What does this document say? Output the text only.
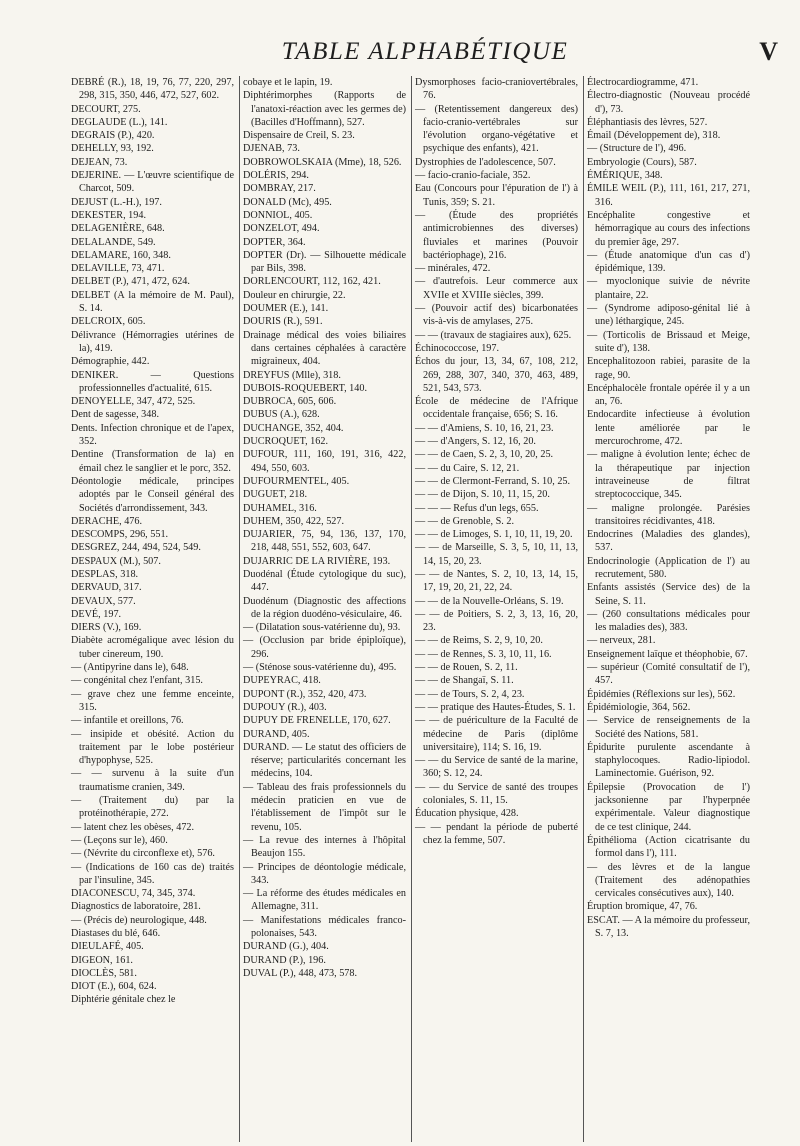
TABLE ALPHABÉTIQUE	V

DEBRÉ (R.), 18, 19, 76, 77, 220, 297, 298, 315, 350, 446, 472, 527, 602.

DECOURT, 275.

DEGLAUDE (L.), 141.

DEGRAIS (P.), 420.

DEHELLY, 93, 192.

DEJEAN, 73.

DEJERINE. — L'œuvre scientifique de Charcot, 509.

DEJUST (L.-H.), 197.

DEKESTER, 194.

DELAGENIÈRE, 648.

DELALANDE, 549.

DELAMARE, 160, 348.

DELAVILLE, 73, 471.

DELBET (P.), 471, 472, 624.

DELBET (A la mémoire de M. Paul), S. 14.

DELCROIX, 605.

Délivrance (Hémorragies utérines de la), 419.

Démographie, 442.

DENIKER. — Questions professionnelles d'actualité, 615.

DENOYELLE, 347, 472, 525.

Dent de sagesse, 348.

Dents. Infection chronique et de l'apex, 352.

Dentine (Transformation de la) en émail chez le sanglier et le porc, 352.

Déontologie médicale, principes adoptés par le Conseil général des Sociétés d'arrondissement, 343.

DERACHE, 476.

DESCOMPS, 296, 551.

DESGREZ, 244, 494, 524, 549.

DESPAUX (M.), 507.

DESPLAS, 318.

DERVAUD, 317.

DEVAUX, 577.

DEVÉ, 197.

DIERS (V.), 169.

Diabète acromégalique avec lésion du tuber cinereum, 190.

— (Antipyrine dans le), 648.

— congénital chez l'enfant, 315.

— grave chez une femme enceinte, 315.

— infantile et oreillons, 76.

— insipide et obésité. Action du traitement par le lobe postérieur d'hypophyse, 525.

— — survenu à la suite d'un traumatisme cranien, 349.

— (Traitement du) par la protéinothérapie, 272.

— latent chez les obèses, 472.

— (Leçons sur le), 460.

— (Névrite du circonflexe et), 576.

— (Indications de 160 cas de) traités par l'insuline, 345.

DIACONESCU, 74, 345, 374.

Diagnostics de laboratoire, 281.

— (Précis de) neurologique, 448.

Diastases du blé, 646.

DIEULAFÉ, 405.

DIGEON, 161.

DIOCLÈS, 581.

DIOT (E.), 604, 624.

Diphtérie génitale chez le

cobaye et le lapin, 19.

Diphtérimorphes (Rapports de l'anatoxi-réaction avec les germes de) (Bacilles d'Hoffmann), 527.

Dispensaire de Creil, S. 23.

DJENAB, 73.

DOBROWOLSKAIA (Mme), 18, 526.

DOLÉRIS, 294.

DOMBRAY, 217.

DONALD (Mc), 495.

DONNIOL, 405.

DONZELOT, 494.

DOPTER, 364.

DOPTER (Dr). — Silhouette médicale par Bils, 398.

DORLENCOURT, 112, 162, 421.

Douleur en chirurgie, 22.

DOUMER (E.), 141.

DOURIS (R.), 591.

Drainage médical des voies biliaires dans certaines céphalées à caractère migraineux, 404.

DREYFUS (Mlle), 318.

DUBOIS-ROQUEBERT, 140.

DUBROCA, 605, 606.

DUBUS (A.), 628.

DUCHANGE, 352, 404.

DUCROQUET, 162.

DUFOUR, 111, 160, 191, 316, 422, 494, 550, 603.

DUFOURMENTEL, 405.

DUGUET, 218.

DUHAMEL, 316.

DUHEM, 350, 422, 527.

DUJARIER, 75, 94, 136, 137, 170, 218, 448, 551, 552, 603, 647.

DUJARRIC DE LA RIVIÈRE, 193.

Duodénal (Étude cytologique du suc), 447.

Duodénum (Diagnostic des affections de la région duodéno-vésiculaire, 46.

— (Dilatation sous-vatérienne du), 93.

— (Occlusion par bride épiploïque), 296.

— (Sténose sous-vatérienne du), 495.

DUPEYRAC, 418.

DUPONT (R.), 352, 420, 473.

DUPOUY (R.), 403.

DUPUY DE FRENELLE, 170, 627.

DURAND, 405.

DURAND. — Le statut des officiers de réserve; particularités concernant les médecins, 104.

— Tableau des frais professionnels du médecin praticien en vue de l'établissement de l'impôt sur le revenu, 105.

— La revue des internes à l'hôpital Beaujon 155.

— Principes de déontologie médicale, 343.

— La réforme des études médicales en Allemagne, 311.

— Manifestations médicales franco-polonaises, 543.

DURAND (G.), 404.

DURAND (P.), 196.

DUVAL (P.), 448, 473, 578.

Dysmorphoses facio-craniovertébrales, 76.

— (Retentissement dangereux des) facio-cranio-vertébrales sur l'évolution organo-végétative et psychique des enfants), 421.

Dystrophies de l'adolescence, 507.

— facio-cranio-faciale, 352.

Eau (Concours pour l'épuration de l') à Tunis, 359; S. 21.

— (Étude des propriétés antimicrobiennes des diverses) fluviales et marines (Pouvoir bactériophage), 216.

— minérales, 472.

— d'autrefois. Leur commerce aux XVIIe et XVIIIe siècles, 399.

— (Pouvoir actif des) bicarbonatées vis-à-vis de amylases, 275.

— — (travaux de stagiaires aux), 625.

Échinococcose, 197.

Échos du jour, 13, 34, 67, 108, 212, 269, 288, 307, 340, 370, 463, 489, 521, 543, 573.

École de médecine de l'Afrique occidentale française, 656; S. 16.

— — d'Amiens, S. 10, 16, 21, 23.

— — d'Angers, S. 12, 16, 20.

— — de Caen, S. 2, 3, 10, 20, 25.

— — du Caire, S. 12, 21.

— — de Clermont-Ferrand, S. 10, 25.

— — de Dijon, S. 10, 11, 15, 20.

— — — Refus d'un legs, 655.

— — de Grenoble, S. 2.

— — de Limoges, S. 1, 10, 11, 19, 20.

— — de Marseille, S. 3, 5, 10, 11, 13, 14, 15, 20, 23.

— — de Nantes, S. 2, 10, 13, 14, 15, 17, 19, 20, 21, 22, 24.

— — de la Nouvelle-Orléans, S. 19.

— — de Poitiers, S. 2, 3, 13, 16, 20, 23.

— — de Reims, S. 2, 9, 10, 20.

— — de Rennes, S. 3, 10, 11, 16.

— — de Rouen, S. 2, 11.

— — de Shangaï, S. 11.

— — de Tours, S. 2, 4, 23.

— — pratique des Hautes-Études, S. 1.

— — de puériculture de la Faculté de médecine de Paris (diplôme universitaire), 114; S. 16, 19.

— — du Service de santé de la marine, 360; S. 12, 24.

— — du Service de santé des troupes coloniales, S. 11, 15.

Éducation physique, 428.

— — pendant la période de puberté chez la femme, 507.

Électrocardiogramme, 471.

Électro-diagnostic (Nouveau procédé d'), 73.

Éléphantiasis des lèvres, 527.

Émail (Développement de), 318.

— (Structure de l'), 496.

Embryologie (Cours), 587.

ÉMÉRIQUE, 348.

ÉMILE WEIL (P.), 111, 161, 217, 271, 316.

Encéphalite congestive et hémorragique au cours des infections du premier âge, 297.

— (Étude anatomique d'un cas d') épidémique, 139.

— myoclonique suivie de névrite plantaire, 22.

— (Syndrome adiposo-génital lié à une) léthargique, 245.

— (Torticolis de Brissaud et Meige, suite d'), 138.

Encephalitozoon rabiei, parasite de la rage, 90.

Encéphalocèle frontale opérée il y a un an, 76.

Endocardite infectieuse à évolution lente améliorée par le mercurochrome, 472.

— maligne à évolution lente; échec de la thérapeutique par injection intraveineuse de filtrat streptococcique, 345.

— maligne prolongée. Parésies transitoires récidivantes, 418.

Endocrines (Maladies des glandes), 537.

Endocrinologie (Application de l') au recrutement, 580.

Enfants assistés (Service des) de la Seine, S. 11.

— (260 consultations médicales pour les maladies des), 383.

— nerveux, 281.

Enseignement laïque et théophobie, 67.

— supérieur (Comité consultatif de l'), 457.

Épidémies (Réflexions sur les), 562.

Épidémiologie, 364, 562.

— Service de renseignements de la Société des Nations, 581.

Épidurite purulente ascendante à staphylocoques. Radio-lipiodol. Laminectomie. Guérison, 92.

Épilepsie (Provocation de l') jacksonienne par l'hyperpnée expérimentale. Valeur diagnostique de ce test clinique, 244.

Épithélioma (Action cicatrisante du formol dans l'), 111.

— des lèvres et de la langue (Traitement des adénopathies cervicales consécutives aux), 140.

Éruption bromique, 47, 76.

ESCAT. — A la mémoire du professeur, S. 7, 13.
